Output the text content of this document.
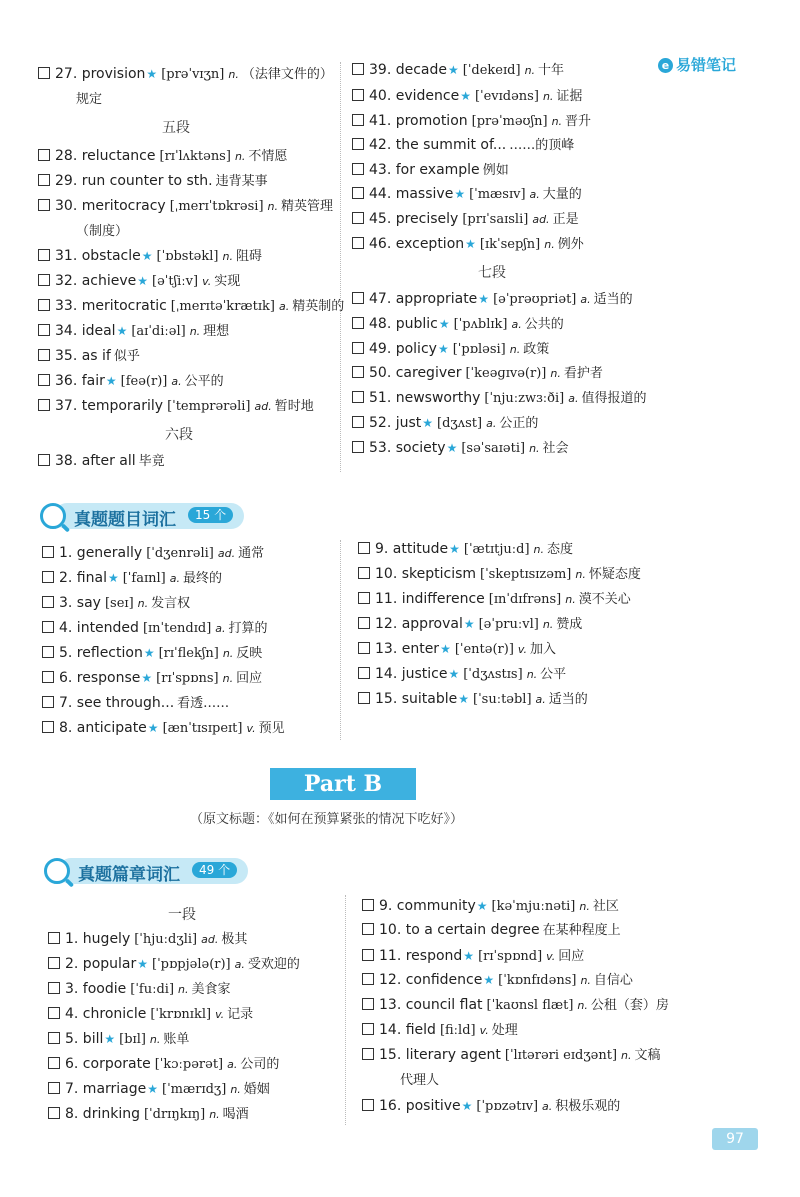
e 易错笔记
五段
六段
七段
27. provision★ [prəˈvɪʒn] n. （法律文件的）
规定
28. reluctance [rɪˈlʌktəns] n. 不情愿
29. run counter to sth. 违背某事
30. meritocracy [ˌmerɪˈtɒkrəsi] n. 精英管理
（制度）
31. obstacle★ [ˈɒbstəkl] n. 阻碍
32. achieve★ [əˈtʃiːv] v. 实现
33. meritocratic [ˌmerɪtəˈkrætɪk] a. 精英制的
34. ideal★ [aɪˈdiːəl] n. 理想
35. as if 似乎
36. fair★ [feə(r)] a. 公平的
37. temporarily [ˈtemprərəli] ad. 暂时地
38. after all 毕竟
39. decade★ [ˈdekeɪd] n. 十年
40. evidence★ [ˈevɪdəns] n. 证据
41. promotion [prəˈməʊʃn] n. 晋升
42. the summit of... ……的顶峰
43. for example 例如
44. massive★ [ˈmæsɪv] a. 大量的
45. precisely [prɪˈsaɪsli] ad. 正是
46. exception★ [ɪkˈsepʃn] n. 例外
47. appropriate★ [əˈprəʊpriət] a. 适当的
48. public★ [ˈpʌblɪk] a. 公共的
49. policy★ [ˈpɒləsi] n. 政策
50. caregiver [ˈkeəɡɪvə(r)] n. 看护者
51. newsworthy [ˈnjuːzwɜːði] a. 值得报道的
52. just★ [dʒʌst] a. 公正的
53. society★ [səˈsaɪəti] n. 社会
真题题目词汇	15 个
1. generally [ˈdʒenrəli] ad. 通常
2. final★ [ˈfaɪnl] a. 最终的
3. say [seɪ] n. 发言权
4. intended [ɪnˈtendɪd] a. 打算的
5. reflection★ [rɪˈflekʃn] n. 反映
6. response★ [rɪˈspɒns] n. 回应
7. see through... 看透……
8. anticipate★ [ænˈtɪsɪpeɪt] v. 预见
9. attitude★ [ˈætɪtjuːd] n. 态度
10. skepticism [ˈskeptɪsɪzəm] n. 怀疑态度
11. indifference [ɪnˈdɪfrəns] n. 漠不关心
12. approval★ [əˈpruːvl] n. 赞成
13. enter★ [ˈentə(r)] v. 加入
14. justice★ [ˈdʒʌstɪs] n. 公平
15. suitable★ [ˈsuːtəbl] a. 适当的
Part B
（原文标题：《如何在预算紧张的情况下吃好》）
真题篇章词汇	49 个
一段
1. hugely [ˈhjuːdʒli] ad. 极其
2. popular★ [ˈpɒpjələ(r)] a. 受欢迎的
3. foodie [ˈfuːdi] n. 美食家
4. chronicle [ˈkrɒnɪkl] v. 记录
5. bill★ [bɪl] n. 账单
6. corporate [ˈkɔːpərət] a. 公司的
7. marriage★ [ˈmærɪdʒ] n. 婚姻
8. drinking [ˈdrɪŋkɪŋ] n. 喝酒
9. community★ [kəˈmjuːnəti] n. 社区
10. to a certain degree 在某种程度上
11. respond★ [rɪˈspɒnd] v. 回应
12. confidence★ [ˈkɒnfɪdəns] n. 自信心
13. council flat [ˈkaʊnsl flæt] n. 公租（套）房
14. field [fiːld] v. 处理
15. literary agent [ˈlɪtərəri eɪdʒənt] n. 文稿
代理人
16. positive★ [ˈpɒzətɪv] a. 积极乐观的
97
